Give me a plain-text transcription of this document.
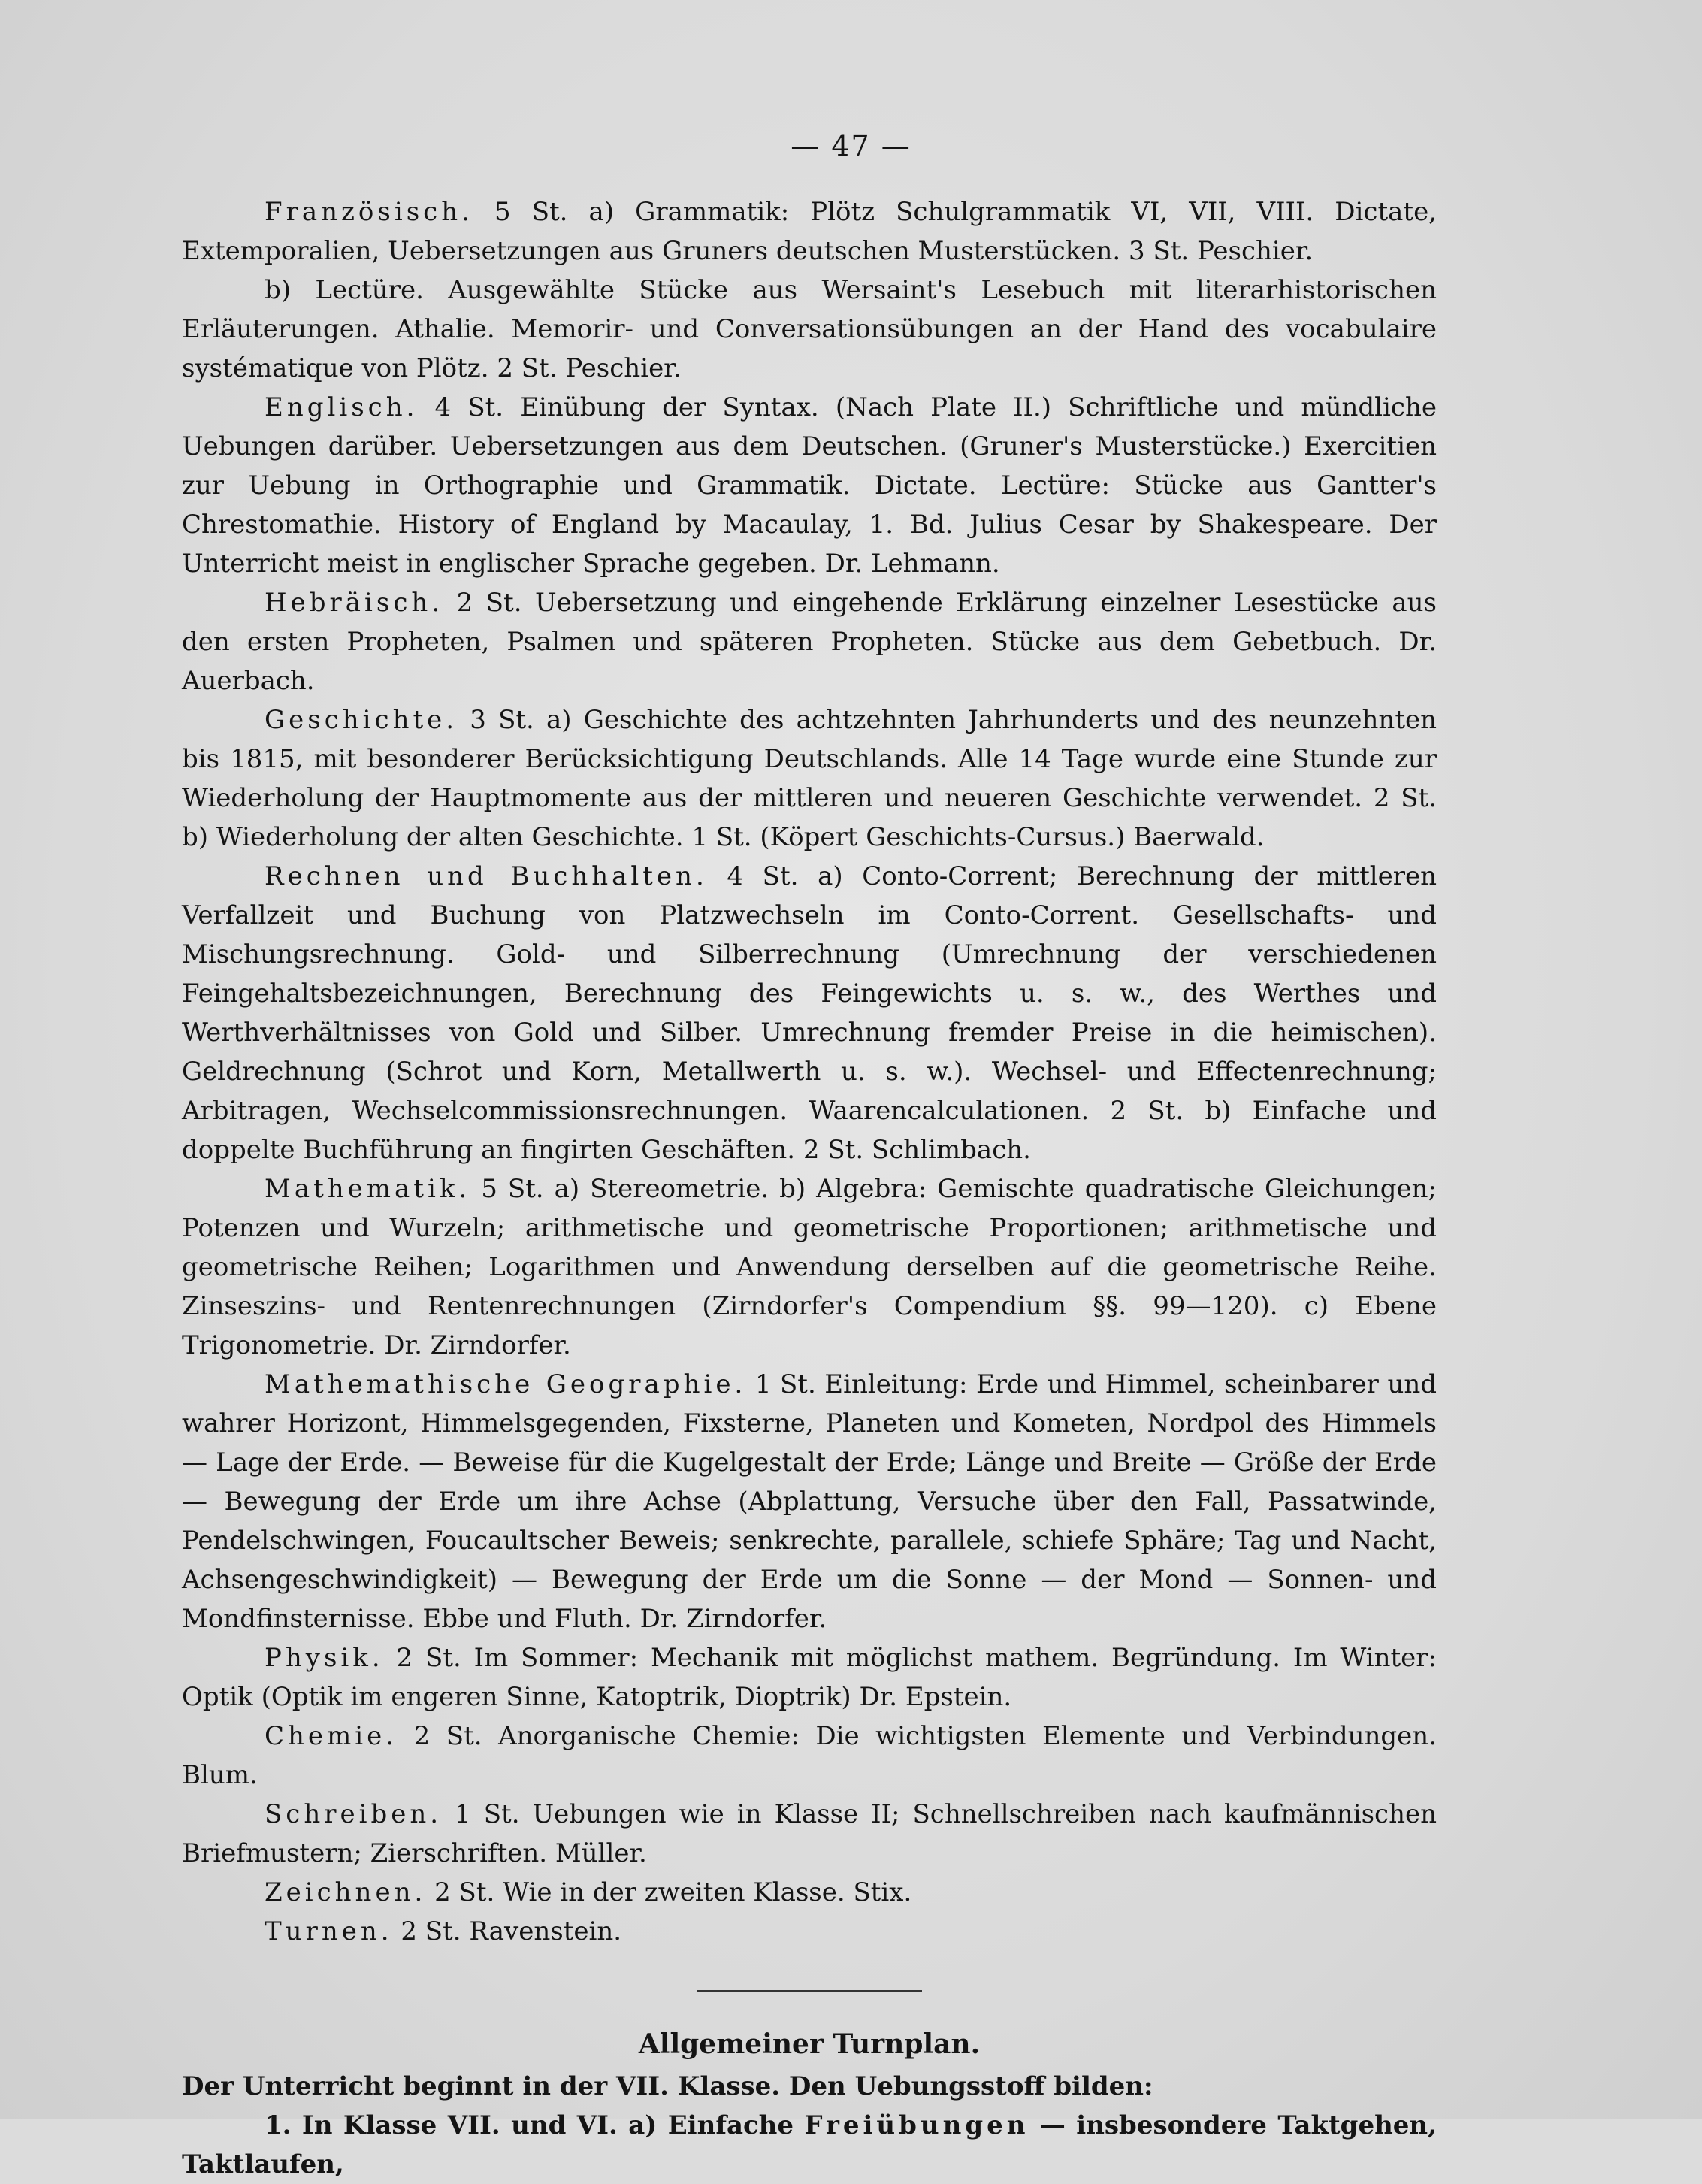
— 47 —

Französisch. 5 St. a) Grammatik: Plötz Schulgrammatik VI, VII, VIII. Dictate, Extemporalien, Uebersetzungen aus Gruners deutschen Musterstücken. 3 St. Peschier.

b) Lectüre. Ausgewählte Stücke aus Wersaint's Lesebuch mit literarhistorischen Erläuterungen. Athalie. Memorir- und Conversationsübungen an der Hand des vocabulaire systématique von Plötz. 2 St. Peschier.

Englisch. 4 St. Einübung der Syntax. (Nach Plate II.) Schriftliche und mündliche Uebungen darüber. Uebersetzungen aus dem Deutschen. (Gruner's Musterstücke.) Exercitien zur Uebung in Orthographie und Grammatik. Dictate. Lectüre: Stücke aus Gantter's Chrestomathie. History of England by Macaulay, 1. Bd. Julius Cesar by Shakespeare. Der Unterricht meist in englischer Sprache gegeben. Dr. Lehmann.

Hebräisch. 2 St. Uebersetzung und eingehende Erklärung einzelner Lesestücke aus den ersten Propheten, Psalmen und späteren Propheten. Stücke aus dem Gebetbuch. Dr. Auerbach.

Geschichte. 3 St. a) Geschichte des achtzehnten Jahrhunderts und des neunzehnten bis 1815, mit besonderer Berücksichtigung Deutschlands. Alle 14 Tage wurde eine Stunde zur Wiederholung der Hauptmomente aus der mittleren und neueren Geschichte verwendet. 2 St. b) Wiederholung der alten Geschichte. 1 St. (Köpert Geschichts-Cursus.) Baerwald.

Rechnen und Buchhalten. 4 St. a) Conto-Corrent; Berechnung der mittleren Verfallzeit und Buchung von Platzwechseln im Conto-Corrent. Gesellschafts- und Mischungsrechnung. Gold- und Silberrechnung (Umrechnung der verschiedenen Feingehaltsbezeichnungen, Berechnung des Feingewichts u. s. w., des Werthes und Werthverhältnisses von Gold und Silber. Umrechnung fremder Preise in die heimischen). Geldrechnung (Schrot und Korn, Metallwerth u. s. w.). Wechsel- und Effectenrechnung; Arbitragen, Wechselcommissionsrechnungen. Waarencalculationen. 2 St. b) Einfache und doppelte Buchführung an fingirten Geschäften. 2 St. Schlimbach.

Mathematik. 5 St. a) Stereometrie. b) Algebra: Gemischte quadratische Gleichungen; Potenzen und Wurzeln; arithmetische und geometrische Proportionen; arithmetische und geometrische Reihen; Logarithmen und Anwendung derselben auf die geometrische Reihe. Zinseszins- und Rentenrechnungen (Zirndorfer's Compendium §§. 99—120). c) Ebene Trigonometrie. Dr. Zirndorfer.

Mathemathische Geographie. 1 St. Einleitung: Erde und Himmel, scheinbarer und wahrer Horizont, Himmelsgegenden, Fixsterne, Planeten und Kometen, Nordpol des Himmels — Lage der Erde. — Beweise für die Kugelgestalt der Erde; Länge und Breite — Größe der Erde — Bewegung der Erde um ihre Achse (Abplattung, Versuche über den Fall, Passatwinde, Pendelschwingen, Foucaultscher Beweis; senkrechte, parallele, schiefe Sphäre; Tag und Nacht, Achsengeschwindigkeit) — Bewegung der Erde um die Sonne — der Mond — Sonnen- und Mondfinsternisse. Ebbe und Fluth. Dr. Zirndorfer.

Physik. 2 St. Im Sommer: Mechanik mit möglichst mathem. Begründung. Im Winter: Optik (Optik im engeren Sinne, Katoptrik, Dioptrik) Dr. Epstein.

Chemie. 2 St. Anorganische Chemie: Die wichtigsten Elemente und Verbindungen. Blum.

Schreiben. 1 St. Uebungen wie in Klasse II; Schnellschreiben nach kaufmännischen Briefmustern; Zierschriften. Müller.

Zeichnen. 2 St. Wie in der zweiten Klasse. Stix.

Turnen. 2 St. Ravenstein.

Allgemeiner Turnplan.

Der Unterricht beginnt in der VII. Klasse. Den Uebungsstoff bilden:

1. In Klasse VII. und VI. a) Einfache Freiübungen — insbesondere Taktgehen, Taktlaufen,
